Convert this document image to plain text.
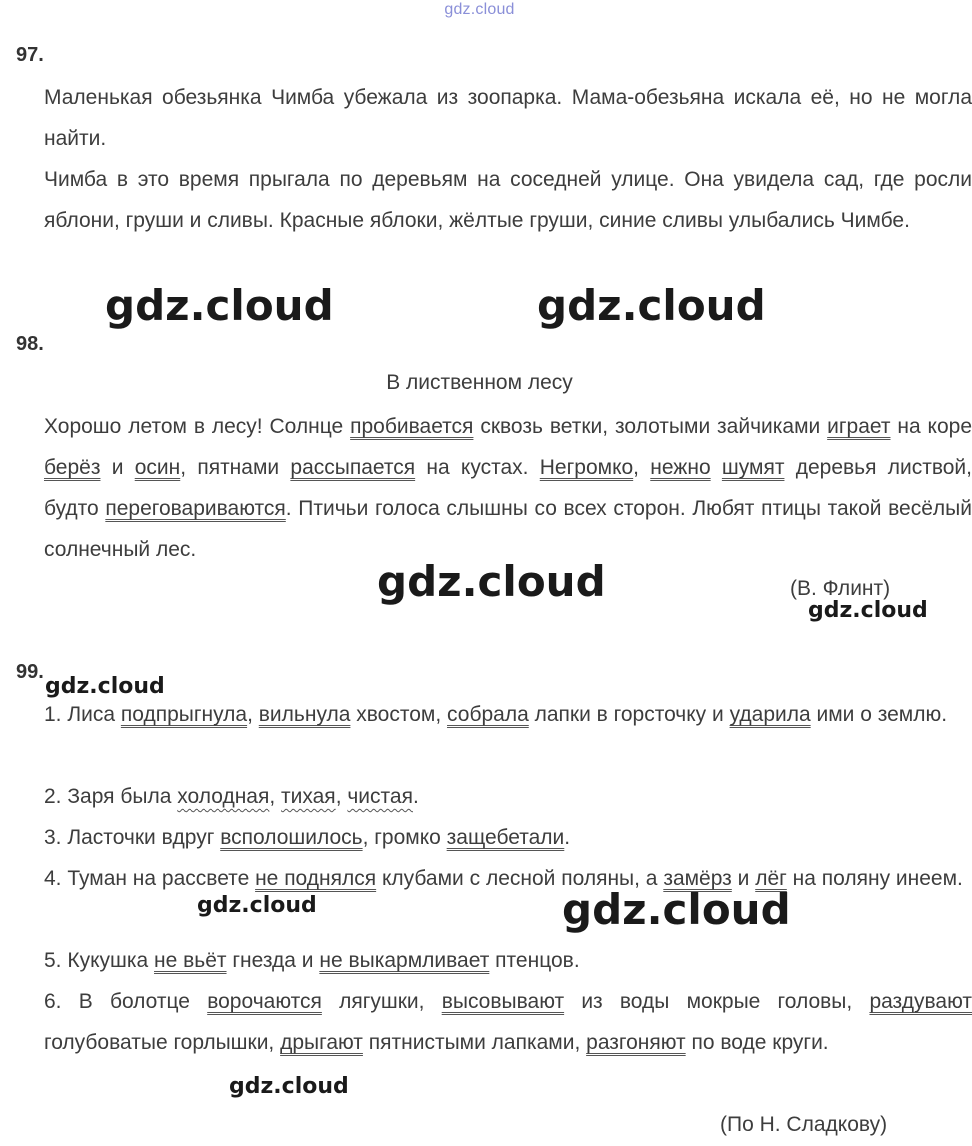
gdz.cloud
97.

Маленькая обезьянка Чимба убежала из зоопарка. Мама-обезьяна искала её, но не могла найти.

Чимба в это время прыгала по деревьям на соседней улице. Она увидела сад, где росли яблони, груши и сливы. Красные яблоки, жёлтые груши, синие сливы улыбались Чимбе.

98.
В лиственном лесу

Хорошо летом в лесу! Солнце пробивается сквозь ветки, золотыми зайчиками играет на коре берёз и осин, пятнами рассыпается на кустах. Негромко, нежно шумят деревья листвой, будто переговариваются. Птичьи голоса слышны со всех сторон. Любят птицы такой весёлый солнечный лес.

(В. Флинт)
99.

1. Лиса подпрыгнула, вильнула хвостом, собрала лапки в горсточку и ударила ими о землю.

2. Заря была холодная, тихая, чистая.

3. Ласточки вдруг всполошилось, громко защебетали.

4. Туман на рассвете не поднялся клубами с лесной поляны, а замёрз и лёг на поляну инеем.

5. Кукушка не вьёт гнезда и не выкармливает птенцов.

6. В болотце ворочаются лягушки, высовывают из воды мокрые головы, раздувают голубоватые горлышки, дрыгают пятнистыми лапками, разгоняют по воде круги.

(По Н. Сладкову)
gdz.cloud	gdz.cloud
gdz.cloud
gdz.cloud
gdz.cloud
gdz.cloud	gdz.cloud
gdz.cloud
